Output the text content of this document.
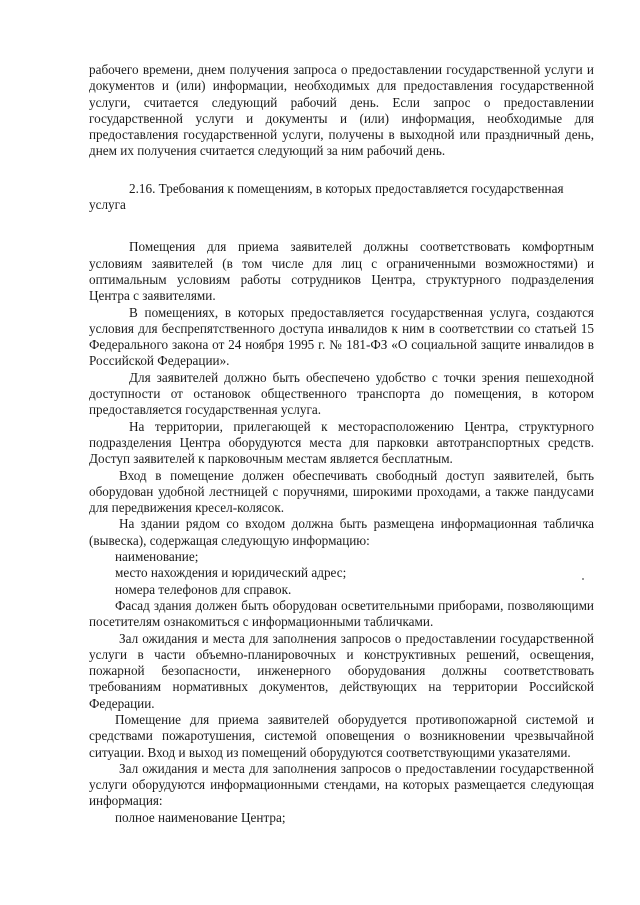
рабочего времени, днем получения запроса о предоставлении государственной услуги и документов и (или) информации, необходимых для предоставления государственной услуги, считается следующий рабочий день. Если запрос о предоставлении государственной услуги и документы и (или) информация, необходимые для предоставления государственной услуги, получены в выходной или праздничный день, днем их получения считается следующий за ним рабочий день.

2.16. Требования к помещениям, в которых предоставляется государственная услуга

Помещения для приема заявителей должны соответствовать комфортным условиям заявителей (в том числе для лиц с ограниченными возможностями) и оптимальным условиям работы сотрудников Центра, структурного подразделения Центра с заявителями.

В помещениях, в которых предоставляется государственная услуга, создаются условия для беспрепятственного доступа инвалидов к ним в соответствии со статьей 15 Федерального закона от 24 ноября 1995 г. № 181-ФЗ «О социальной защите инвалидов в Российской Федерации».

Для заявителей должно быть обеспечено удобство с точки зрения пешеходной доступности от остановок общественного транспорта до помещения, в котором предоставляется государственная услуга.

На территории, прилегающей к месторасположению Центра, структурного подразделения Центра оборудуются места для парковки автотранспортных средств. Доступ заявителей к парковочным местам является бесплатным.

Вход в помещение должен обеспечивать свободный доступ заявителей, быть оборудован удобной лестницей с поручнями, широкими проходами, а также пандусами для передвижения кресел-колясок.

На здании рядом со входом должна быть размещена информационная табличка (вывеска), содержащая следующую информацию:

наименование;

место нахождения и юридический адрес;

номера телефонов для справок.

Фасад здания должен быть оборудован осветительными приборами, позволяющими посетителям ознакомиться с информационными табличками.

Зал ожидания и места для заполнения запросов о предоставлении государственной услуги в части объемно-планировочных и конструктивных решений, освещения, пожарной безопасности, инженерного оборудования должны соответствовать требованиям нормативных документов, действующих на территории Российской Федерации.

Помещение для приема заявителей оборудуется противопожарной системой и средствами пожаротушения, системой оповещения о возникновении чрезвычайной ситуации. Вход и выход из помещений оборудуются соответствующими указателями.

Зал ожидания и места для заполнения запросов о предоставлении государственной услуги оборудуются информационными стендами, на которых размещается следующая информация:

полное наименование Центра;
